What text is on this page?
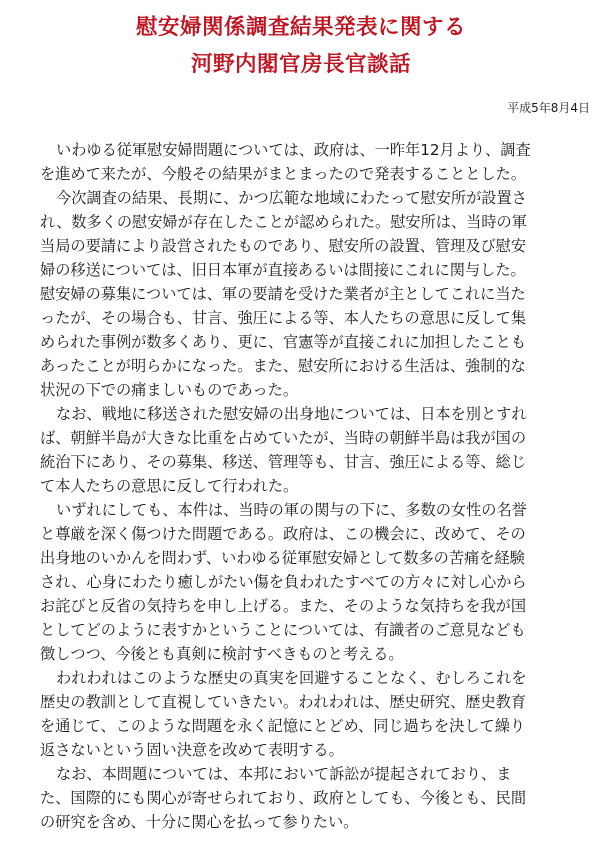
慰安婦関係調査結果発表に関する
河野内閣官房長官談話
平成5年8月4日
いわゆる従軍慰安婦問題については、政府は、一昨年12月より、調査
を進めて来たが、今般その結果がまとまったので発表することとした。
今次調査の結果、長期に、かつ広範な地域にわたって慰安所が設置さ
れ、数多くの慰安婦が存在したことが認められた。慰安所は、当時の軍
当局の要請により設営されたものであり、慰安所の設置、管理及び慰安
婦の移送については、旧日本軍が直接あるいは間接にこれに関与した。
慰安婦の募集については、軍の要請を受けた業者が主としてこれに当た
ったが、その場合も、甘言、強圧による等、本人たちの意思に反して集
められた事例が数多くあり、更に、官憲等が直接これに加担したことも
あったことが明らかになった。また、慰安所における生活は、強制的な
状況の下での痛ましいものであった。
なお、戦地に移送された慰安婦の出身地については、日本を別とすれ
ば、朝鮮半島が大きな比重を占めていたが、当時の朝鮮半島は我が国の
統治下にあり、その募集、移送、管理等も、甘言、強圧による等、総じ
て本人たちの意思に反して行われた。
いずれにしても、本件は、当時の軍の関与の下に、多数の女性の名誉
と尊厳を深く傷つけた問題である。政府は、この機会に、改めて、その
出身地のいかんを問わず、いわゆる従軍慰安婦として数多の苦痛を経験
され、心身にわたり癒しがたい傷を負われたすべての方々に対し心から
お詫びと反省の気持ちを申し上げる。また、そのような気持ちを我が国
としてどのように表すかということについては、有識者のご意見なども
徴しつつ、今後とも真剣に検討すべきものと考える。
われわれはこのような歴史の真実を回避することなく、むしろこれを
歴史の教訓として直視していきたい。われわれは、歴史研究、歴史教育
を通じて、このような問題を永く記憶にとどめ、同じ過ちを決して繰り
返さないという固い決意を改めて表明する。
なお、本問題については、本邦において訴訟が提起されており、ま
た、国際的にも関心が寄せられており、政府としても、今後とも、民間
の研究を含め、十分に関心を払って参りたい。
